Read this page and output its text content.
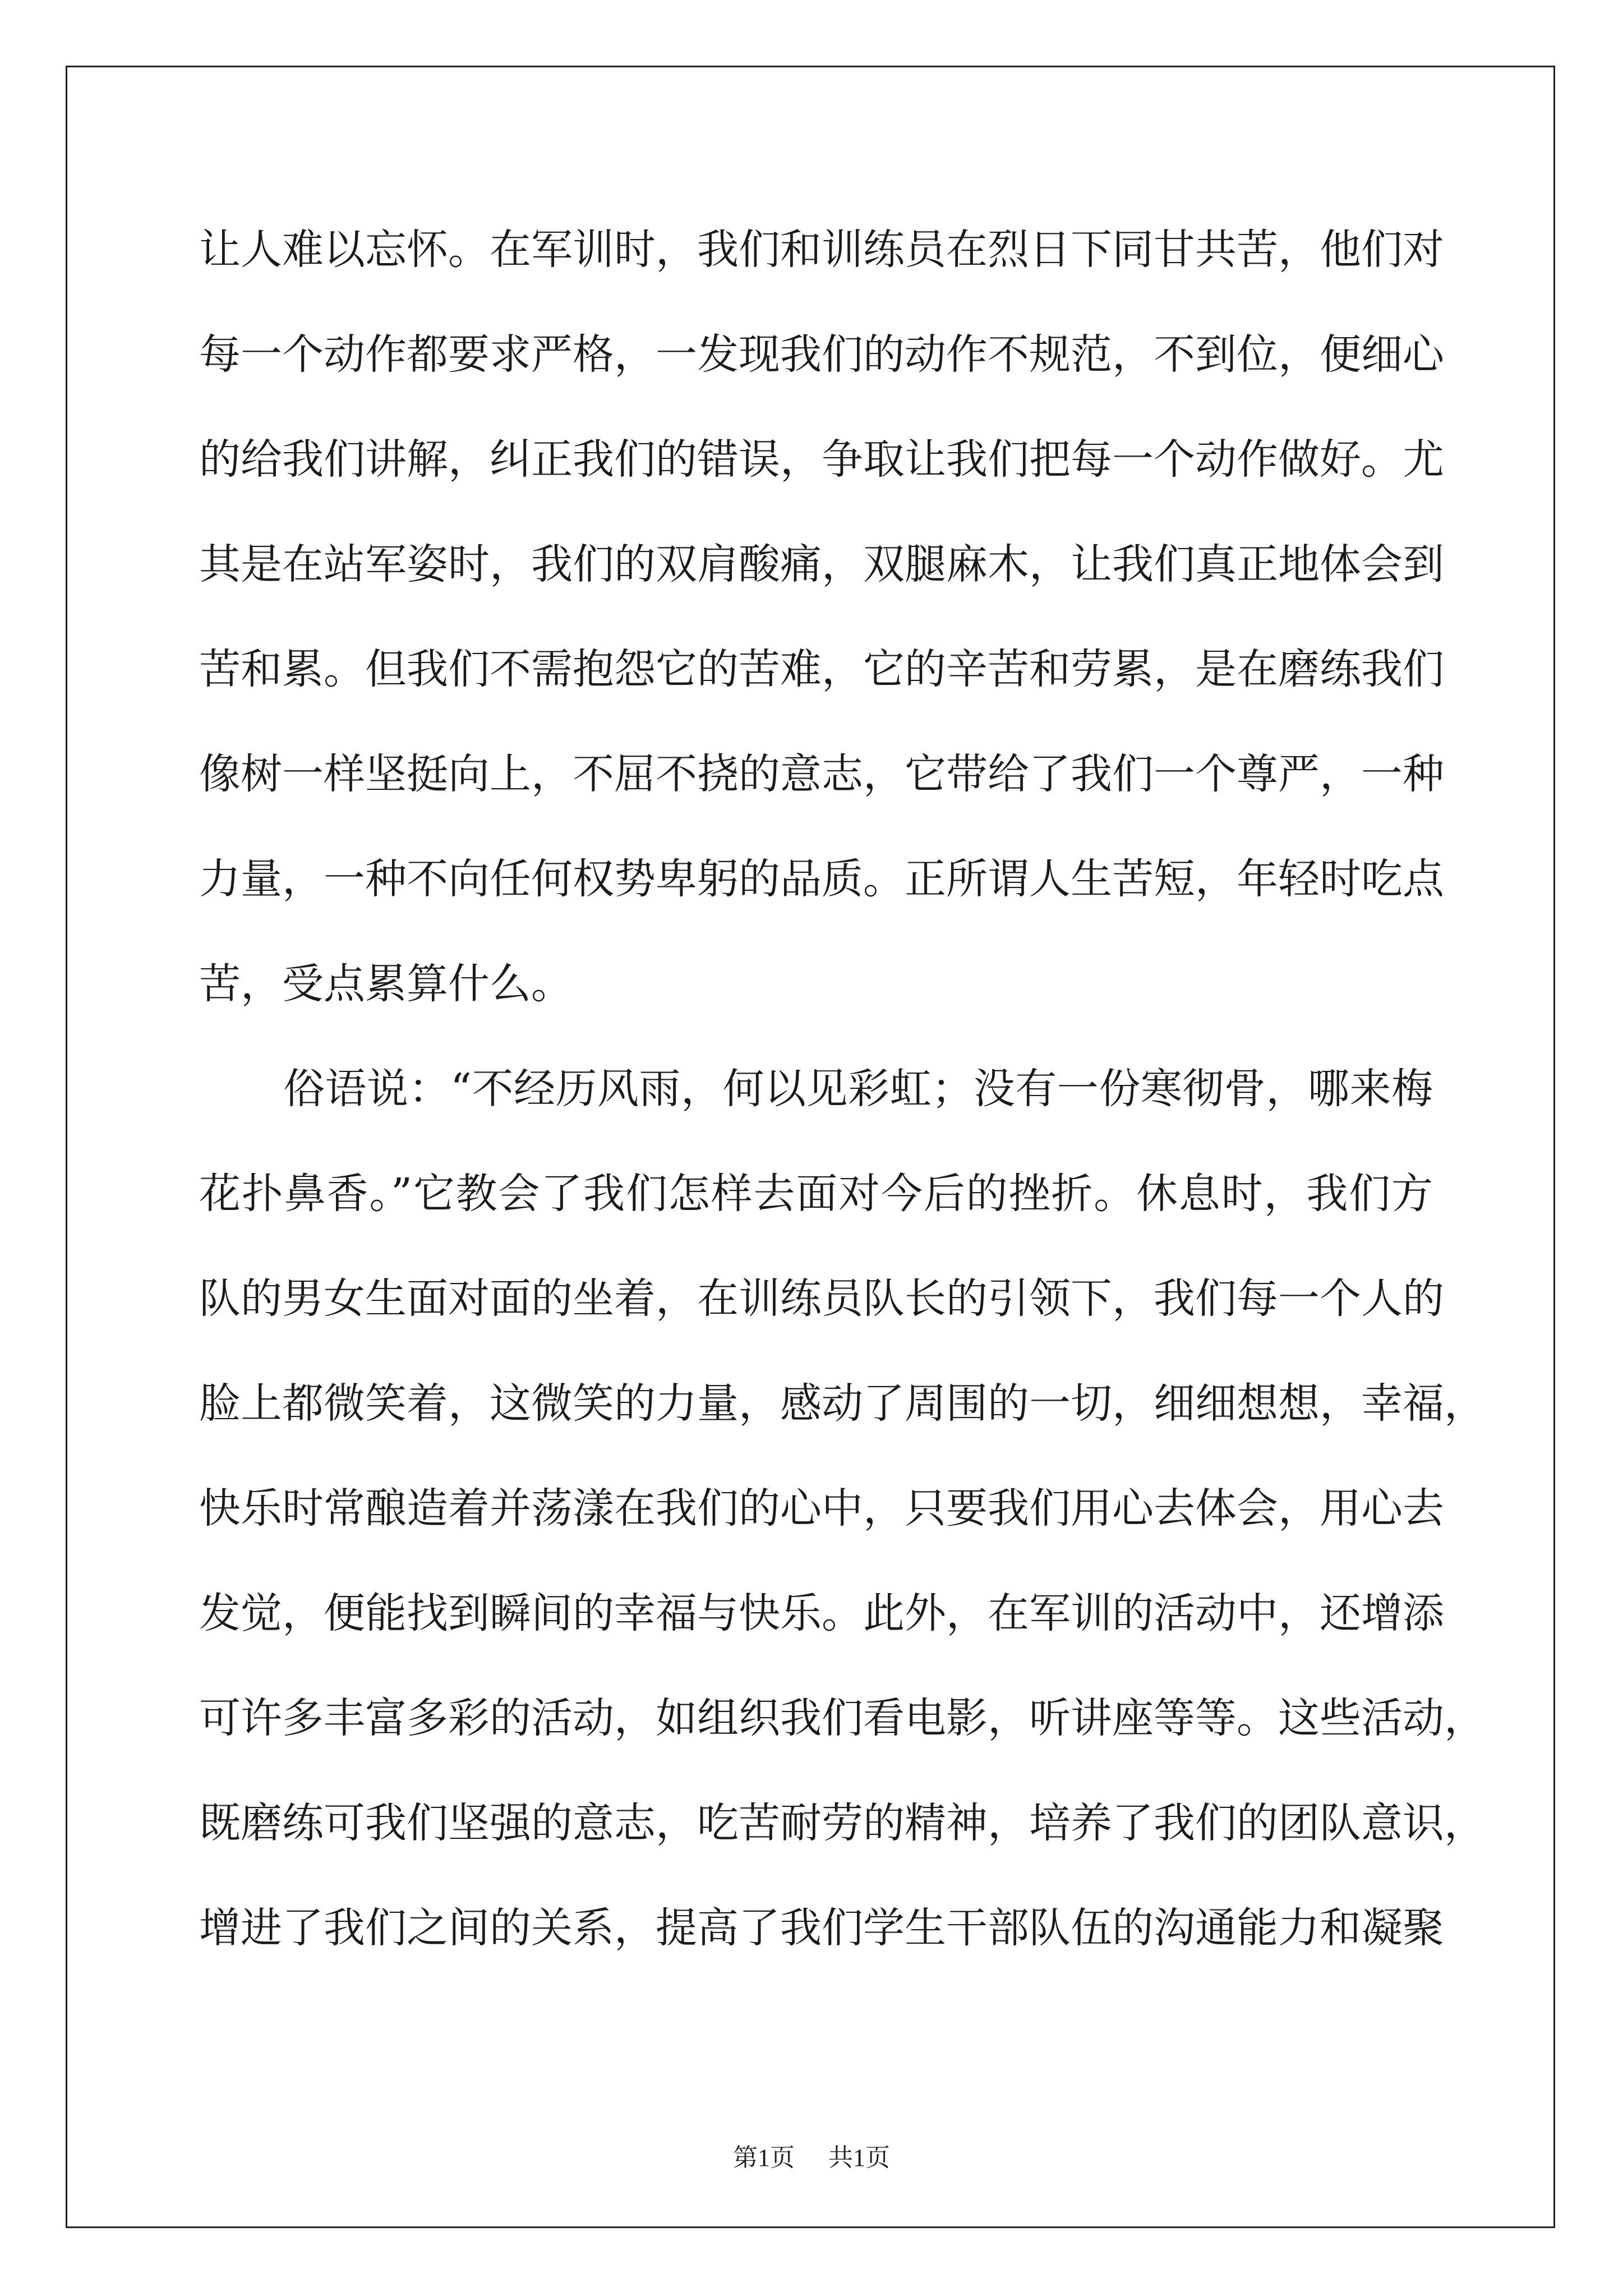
让人难以忘怀。在军训时，我们和训练员在烈日下同甘共苦，他们对
每一个动作都要求严格，一发现我们的动作不规范，不到位，便细心
的给我们讲解，纠正我们的错误，争取让我们把每一个动作做好。尤
其是在站军姿时，我们的双肩酸痛，双腿麻木，让我们真正地体会到
苦和累。但我们不需抱怨它的苦难，它的辛苦和劳累，是在磨练我们
像树一样坚挺向上，不屈不挠的意志，它带给了我们一个尊严，一种
力量，一种不向任何权势卑躬的品质。正所谓人生苦短，年轻时吃点
苦，受点累算什么。
俗语说：“不经历风雨，何以见彩虹；没有一份寒彻骨，哪来梅
花扑鼻香。”它教会了我们怎样去面对今后的挫折。休息时，我们方
队的男女生面对面的坐着，在训练员队长的引领下，我们每一个人的
脸上都微笑着，这微笑的力量，感动了周围的一切，细细想想，幸福，
快乐时常酿造着并荡漾在我们的心中，只要我们用心去体会，用心去
发觉，便能找到瞬间的幸福与快乐。此外，在军训的活动中，还增添
可许多丰富多彩的活动，如组织我们看电影，听讲座等等。这些活动，
既磨练可我们坚强的意志，吃苦耐劳的精神，培养了我们的团队意识，
增进了我们之间的关系，提高了我们学生干部队伍的沟通能力和凝聚
第1页 共1页
